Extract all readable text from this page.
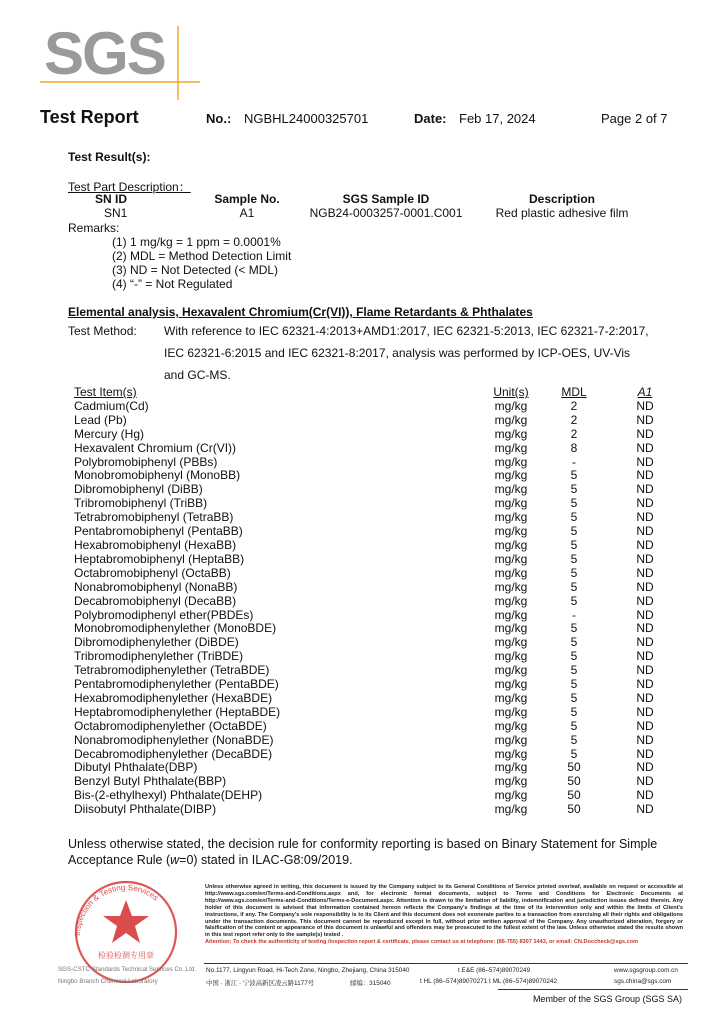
SGS
Test Report	No.: NGBHL24000325701	Date: Feb 17, 2024	Page 2 of 7
Test Result(s):
Test Part Description：
SN ID	Sample No.	SGS Sample ID	Description
SN1	A1	NGB24-0003257-0001.C001	Red plastic adhesive film
Remarks:
(1) 1 mg/kg = 1 ppm = 0.0001%
(2) MDL = Method Detection Limit
(3) ND = Not Detected (< MDL)
(4) “-” = Not Regulated
Elemental analysis, Hexavalent Chromium(Cr(VI)), Flame Retardants & Phthalates
Test Method: With reference to IEC 62321-4:2013+AMD1:2017, IEC 62321-5:2013, IEC 62321-7-2:2017,
IEC 62321-6:2015 and IEC 62321-8:2017, analysis was performed by ICP-OES, UV-Vis
and GC-MS.
Test Item(s)	Unit(s)	MDL	A1
Cadmium(Cd)	mg/kg	2	ND
Lead (Pb)	mg/kg	2	ND
Mercury (Hg)	mg/kg	2	ND
Hexavalent Chromium (Cr(VI))	mg/kg	8	ND
Polybromobiphenyl (PBBs)	mg/kg	-	ND
Monobromobiphenyl (MonoBB)	mg/kg	5	ND
Dibromobiphenyl (DiBB)	mg/kg	5	ND
Tribromobiphenyl (TriBB)	mg/kg	5	ND
Tetrabromobiphenyl (TetraBB)	mg/kg	5	ND
Pentabromobiphenyl (PentaBB)	mg/kg	5	ND
Hexabromobiphenyl (HexaBB)	mg/kg	5	ND
Heptabromobiphenyl (HeptaBB)	mg/kg	5	ND
Octabromobiphenyl (OctaBB)	mg/kg	5	ND
Nonabromobiphenyl (NonaBB)	mg/kg	5	ND
Decabromobiphenyl (DecaBB)	mg/kg	5	ND
Polybromodiphenyl ether(PBDEs)	mg/kg	-	ND
Monobromodiphenylether (MonoBDE)	mg/kg	5	ND
Dibromodiphenylether (DiBDE)	mg/kg	5	ND
Tribromodiphenylether (TriBDE)	mg/kg	5	ND
Tetrabromodiphenylether (TetraBDE)	mg/kg	5	ND
Pentabromodiphenylether (PentaBDE)	mg/kg	5	ND
Hexabromodiphenylether (HexaBDE)	mg/kg	5	ND
Heptabromodiphenylether (HeptaBDE)	mg/kg	5	ND
Octabromodiphenylether (OctaBDE)	mg/kg	5	ND
Nonabromodiphenylether (NonaBDE)	mg/kg	5	ND
Decabromodiphenylether (DecaBDE)	mg/kg	5	ND
Dibutyl Phthalate(DBP)	mg/kg	50	ND
Benzyl Butyl Phthalate(BBP)	mg/kg	50	ND
Bis-(2-ethylhexyl) Phthalate(DEHP)	mg/kg	50	ND
Diisobutyl Phthalate(DIBP)	mg/kg	50	ND
Unless otherwise stated, the decision rule for conformity reporting is based on Binary Statement for Simple Acceptance Rule (w=0) stated in ILAC-G8:09/2019.
Inspection & Testing Services
检验检测专用章
SGS-CSTC Standards Technical Services Co.,Ltd.
Ningbo Branch Chemical Laboratory
Unless otherwise agreed in writing, this document is issued by the Company subject to its General Conditions of Service printed overleaf, available on request or accessible at http://www.sgs.com/en/Terms-and-Conditions.aspx and, for electronic format documents, subject to Terms and Conditions for Electronic Documents at http://www.sgs.com/en/Terms-and-Conditions/Terms-e-Document.aspx. Attention is drawn to the limitation of liability, indemnification and jurisdiction issues defined therein. Any holder of this document is advised that information contained hereon reflects the Company's findings at the time of its intervention only and within the limits of Client's instructions, if any. The Company's sole responsibility is to its Client and this document does not exonerate parties to a transaction from exercising all their rights and obligations under the transaction documents. This document cannot be reproduced except in full, without prior written approval of the Company. Any unauthorized alteration, forgery or falsification of the content or appearance of this document is unlawful and offenders may be prosecuted to the fullest extent of the law. Unless otherwise stated the results shown in this test report refer only to the sample(s) tested .
Attention: To check the authenticity of testing /inspection report & certificate, please contact us at telephone: (86-755) 8307 1443, or email: CN.Doccheck@sgs.com
No.1177, Lingyun Road, Hi-Tech Zone, Ningbo, Zhejiang, China 315040	t E&E (86–574)89070249	www.sgsgroup.com.cn
中国 · 浙江 · 宁波高新区凌云路1177号	邮编：315040	t HL (86–574)89070271 t ML (86–574)89070242	sgs.china@sgs.com
Member of the SGS Group (SGS SA)
